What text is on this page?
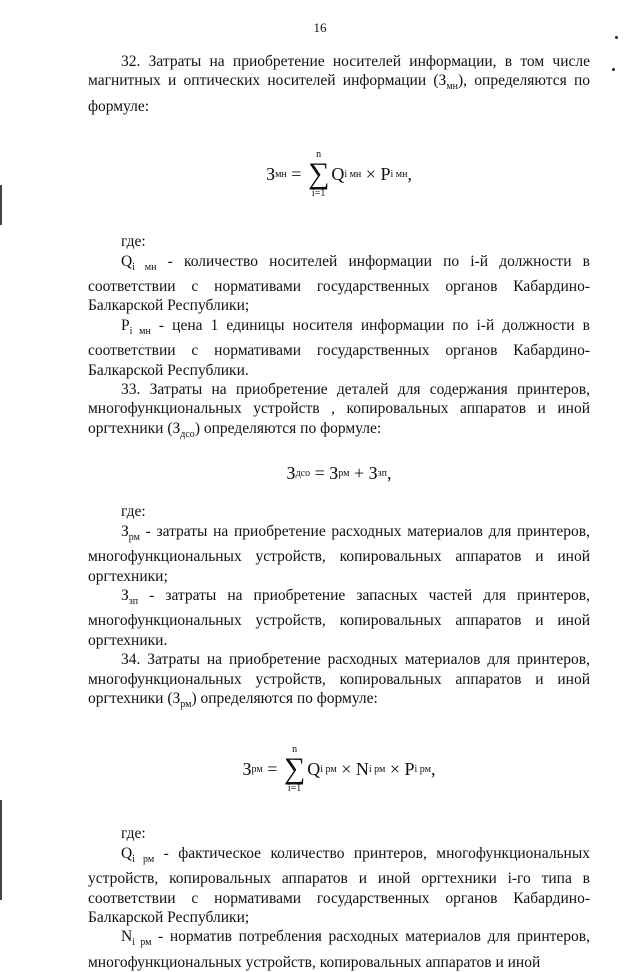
16

32. Затраты на приобретение носителей информации, в том числе магнитных и оптических носителей информации $(З_{мн})$, определяются по формуле:

З мн
=

n
∑
i=1
Q i мн
×
P i мн ,

где:

$Q_{i мн}$ - количество носителей информации по i-й должности в соответствии с нормативами государственных органов Кабардино-Балкарской Республики;

$P_{i мн}$ - цена 1 единицы носителя информации по i-й должности в соответствии с нормативами государственных органов Кабардино-Балкарской Республики.

33. Затраты на приобретение деталей для содержания принтеров, многофункциональных устройств , копировальных аппаратов и иной оргтехники $(З_{дсо})$ определяются по формуле:

З дсо
=
З рм
+
З зп ,

где:

$З_{рм}$ - затраты на приобретение расходных материалов для принтеров, многофункциональных устройств, копировальных аппаратов и иной оргтехники;

$З_{зп}$ - затраты на приобретение запасных частей для принтеров, многофункциональных устройств, копировальных аппаратов и иной оргтехники.

34. Затраты на приобретение расходных материалов для принтеров, многофункциональных устройств, копировальных аппаратов и иной оргтехники $(З_{рм})$ определяются по формуле:

З рм
=

n
∑
i=1
Q i рм
×
N i рм
×
P i рм ,

где:

$Q_{i рм}$ - фактическое количество принтеров, многофункциональных устройств, копировальных аппаратов и иной оргтехники i-го типа в соответствии с нормативами государственных органов Кабардино-Балкарской Республики;

$N_{i рм}$ - норматив потребления расходных материалов для принтеров, многофункциональных устройств, копировальных аппаратов и иной
